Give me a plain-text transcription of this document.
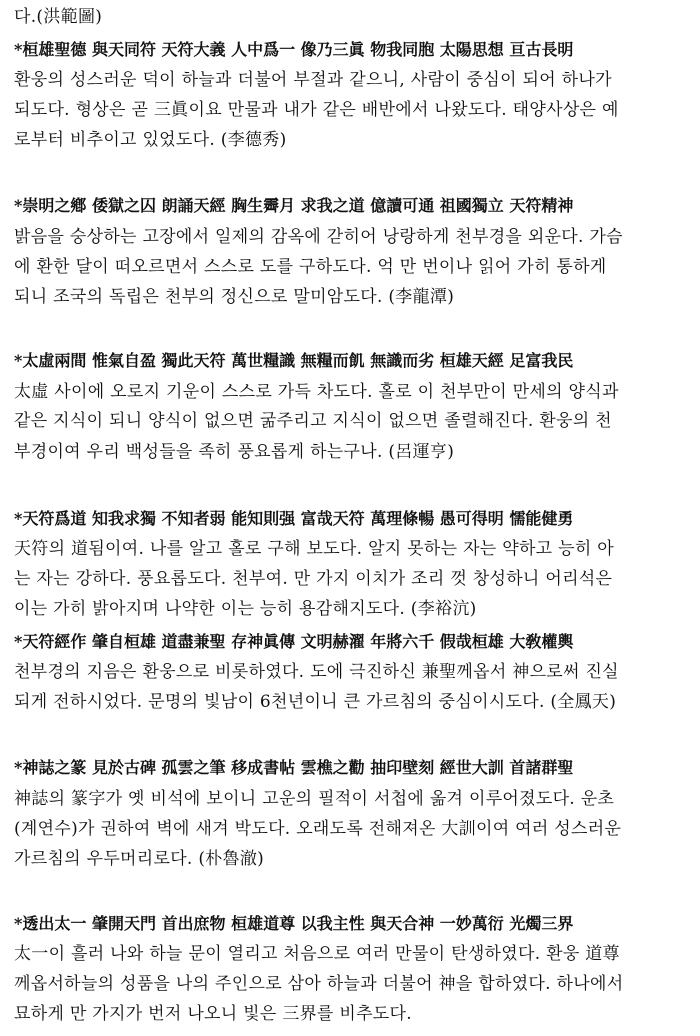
다.(洪範圖)
*桓雄聖德 與天同符 天符大義 人中爲一 像乃三眞 物我同胞 太陽思想 亘古長明
환웅의 성스러운 덕이 하늘과 더불어 부절과 같으니, 사람이 중심이 되어 하나가
되도다. 형상은 곧 三眞이요 만물과 내가 같은 배반에서 나왔도다. 태양사상은 예
로부터 비추이고 있었도다. (李德秀)
*崇明之鄕 倭獄之囚 朗誦天經 胸生霽月 求我之道 億讀可通 祖國獨立 天符精神
밝음을 숭상하는 고장에서 일제의 감옥에 갇히어 낭랑하게 천부경을 외운다. 가슴
에 환한 달이 떠오르면서 스스로 도를 구하도다. 억 만 번이나 읽어 가히 통하게
되니 조국의 독립은 천부의 정신으로 말미암도다. (李龍潭)
*太虛兩間 惟氣自盈 獨此天符 萬世糧識 無糧而飢 無識而劣 桓雄天經 足富我民
太虛 사이에 오로지 기운이 스스로 가득 차도다. 홀로 이 천부만이 만세의 양식과
같은 지식이 되니 양식이 없으면 굶주리고 지식이 없으면 졸렬해진다. 환웅의 천
부경이여 우리 백성들을 족히 풍요롭게 하는구나. (呂運亨)
*天符爲道 知我求獨 不知者弱 能知則强 富哉天符 萬理條暢 愚可得明 懦能健勇
天符의 道됨이여. 나를 알고 홀로 구해 보도다. 알지 못하는 자는 약하고 능히 아
는 자는 강하다. 풍요롭도다. 천부여. 만 가지 이치가 조리 껏 창성하니 어리석은
이는 가히 밝아지며 나약한 이는 능히 용감해지도다. (李裕沆)
*天符經作 肇自桓雄 道盡兼聖 存神眞傳 文明赫濯 年將六千 假哉桓雄 大敎權輿
천부경의 지음은 환웅으로 비롯하였다. 도에 극진하신 兼聖께옵서 神으로써 진실
되게 전하시었다. 문명의 빛남이 6천년이니 큰 가르침의 중심이시도다. (全鳳天)
*神誌之篆 見於古碑 孤雲之筆 移成書帖 雲樵之勸 抽印壁刻 經世大訓 首諸群聖
神誌의 篆字가 옛 비석에 보이니 고운의 필적이 서첩에 옮겨 이루어졌도다. 운초
(계연수)가 권하여 벽에 새겨 박도다. 오래도록 전해져온 大訓이여 여러 성스러운
가르침의 우두머리로다. (朴魯澈)
*透出太一 肇開天門 首出庶物 桓雄道尊 以我主性 與天合神 一妙萬衍 光燭三界
太一이 흘러 나와 하늘 문이 열리고 처음으로 여러 만물이 탄생하였다. 환웅 道尊
께옵서하늘의 성품을 나의 주인으로 삼아 하늘과 더불어 神을 합하였다. 하나에서
묘하게 만 가지가 번저 나오니 빛은 三界를 비추도다.
